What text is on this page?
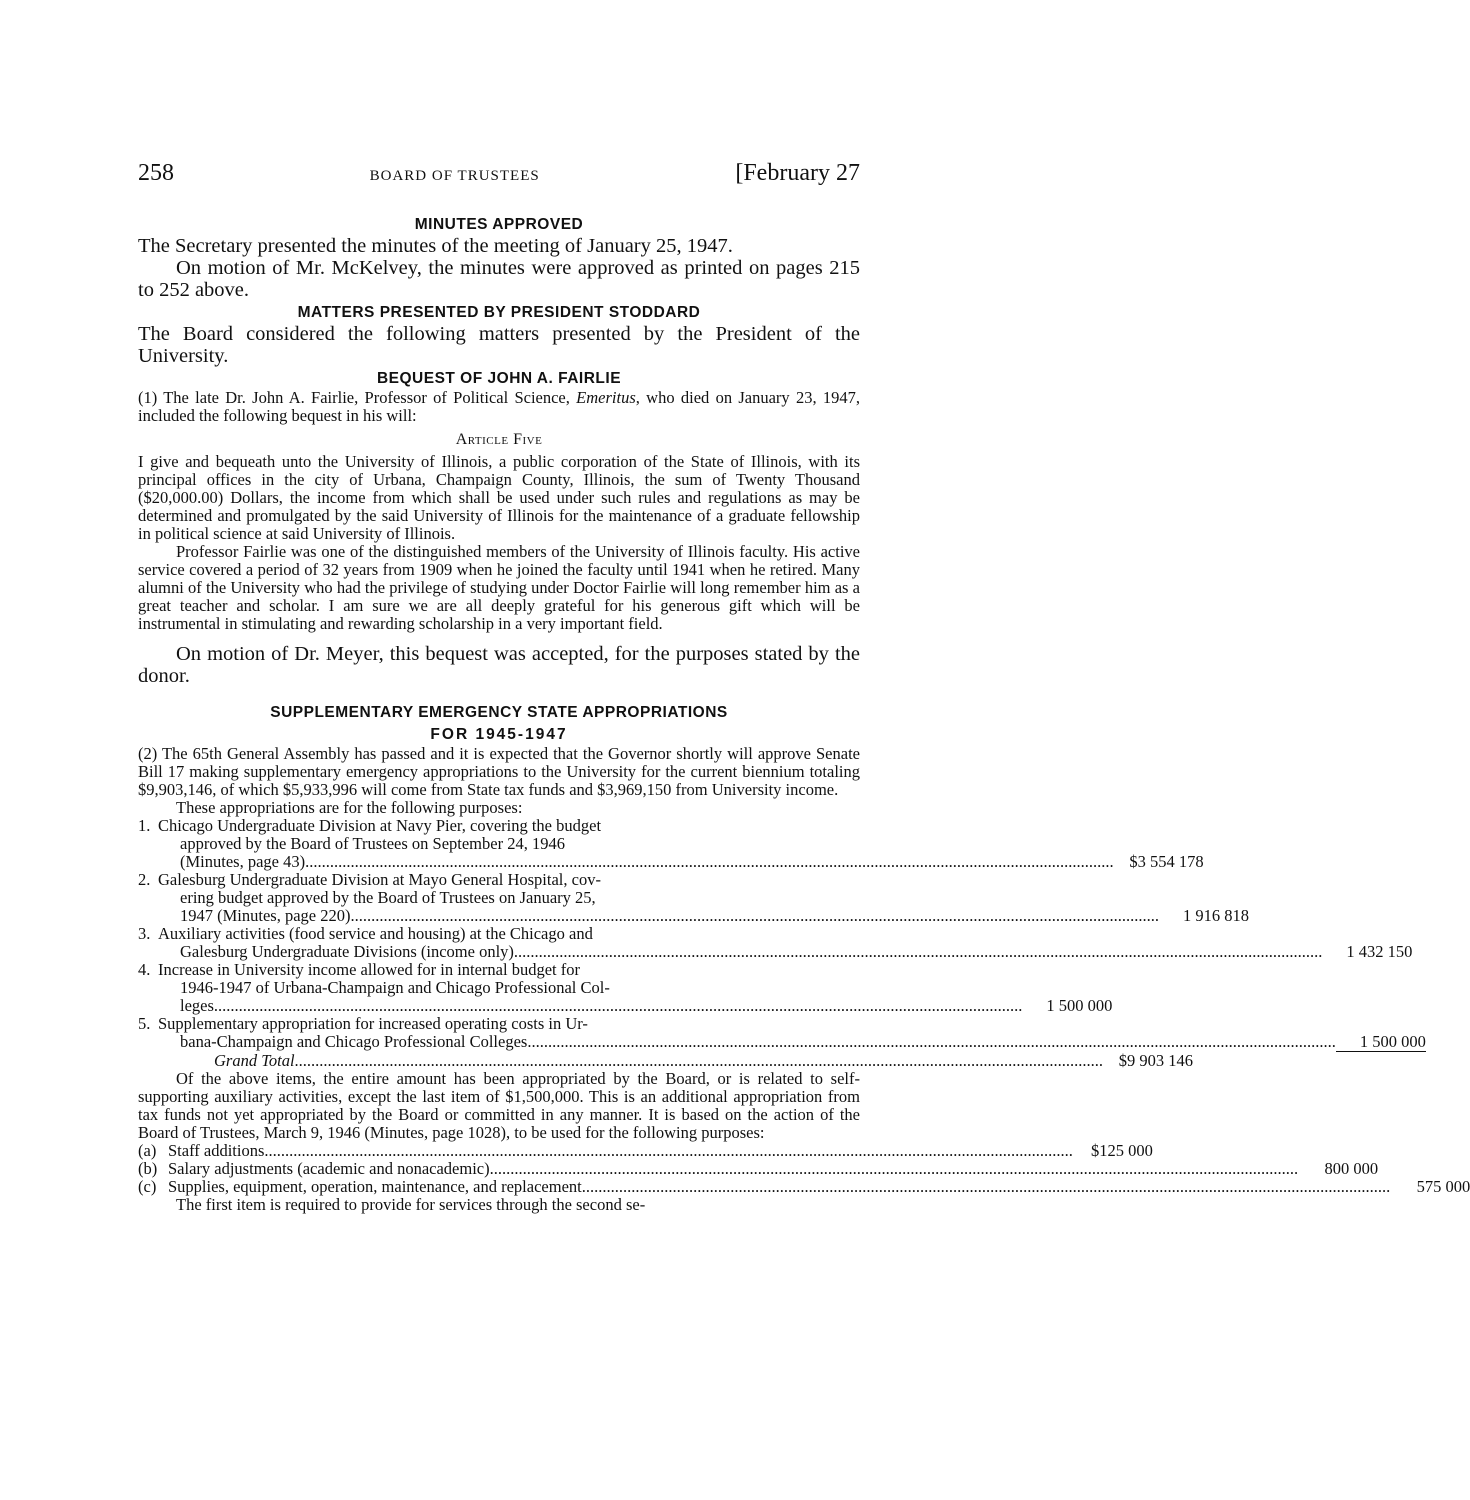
258	BOARD OF TRUSTEES	[February 27
MINUTES APPROVED

The Secretary presented the minutes of the meeting of January 25, 1947.

On motion of Mr. McKelvey, the minutes were approved as printed on pages 215 to 252 above.

MATTERS PRESENTED BY PRESIDENT STODDARD

The Board considered the following matters presented by the President of the University.

BEQUEST OF JOHN A. FAIRLIE

(1) The late Dr. John A. Fairlie, Professor of Political Science, Emeritus, who died on January 23, 1947, included the following bequest in his will:

Article Five

I give and bequeath unto the University of Illinois, a public corporation of the State of Illinois, with its principal offices in the city of Urbana, Champaign County, Illinois, the sum of Twenty Thousand ($20,000.00) Dollars, the income from which shall be used under such rules and regulations as may be determined and promulgated by the said University of Illinois for the maintenance of a graduate fellowship in political science at said University of Illinois.

Professor Fairlie was one of the distinguished members of the University of Illinois faculty. His active service covered a period of 32 years from 1909 when he joined the faculty until 1941 when he retired. Many alumni of the University who had the privilege of studying under Doctor Fairlie will long remember him as a great teacher and scholar. I am sure we are all deeply grateful for his generous gift which will be instrumental in stimulating and rewarding scholarship in a very important field.

On motion of Dr. Meyer, this bequest was accepted, for the purposes stated by the donor.

SUPPLEMENTARY EMERGENCY STATE APPROPRIATIONS
FOR 1945-1947

(2) The 65th General Assembly has passed and it is expected that the Governor shortly will approve Senate Bill 17 making supplementary emergency appropriations to the University for the current biennium totaling $9,903,146, of which $5,933,996 will come from State tax funds and $3,969,150 from University income.

These appropriations are for the following purposes:

1. Chicago Undergraduate Division at Navy Pier, covering the budget
approved by the Board of Trustees on September 24, 1946
(Minutes, page 43) .....	$3 554 178
2. Galesburg Undergraduate Division at Mayo General Hospital, cov-
ering budget approved by the Board of Trustees on January 25,
1947 (Minutes, page 220) .....	1 916 818
3. Auxiliary activities (food service and housing) at the Chicago and
Galesburg Undergraduate Divisions (income only) .....	1 432 150
4. Increase in University income allowed for in internal budget for
1946-1947 of Urbana-Champaign and Chicago Professional Col-
leges .....	1 500 000
5. Supplementary appropriation for increased operating costs in Ur-
bana-Champaign and Chicago Professional Colleges .....	1 500 000
Grand Total .....	$9 903 146

Of the above items, the entire amount has been appropriated by the Board, or is related to self-supporting auxiliary activities, except the last item of $1,500,000. This is an additional appropriation from tax funds not yet appropriated by the Board or committed in any manner. It is based on the action of the Board of Trustees, March 9, 1946 (Minutes, page 1028), to be used for the following purposes:

(a) Staff additions .....	$125 000
(b) Salary adjustments (academic and nonacademic) .....	800 000
(c) Supplies, equipment, operation, maintenance, and replacement .....	575 000

The first item is required to provide for services through the second se-
